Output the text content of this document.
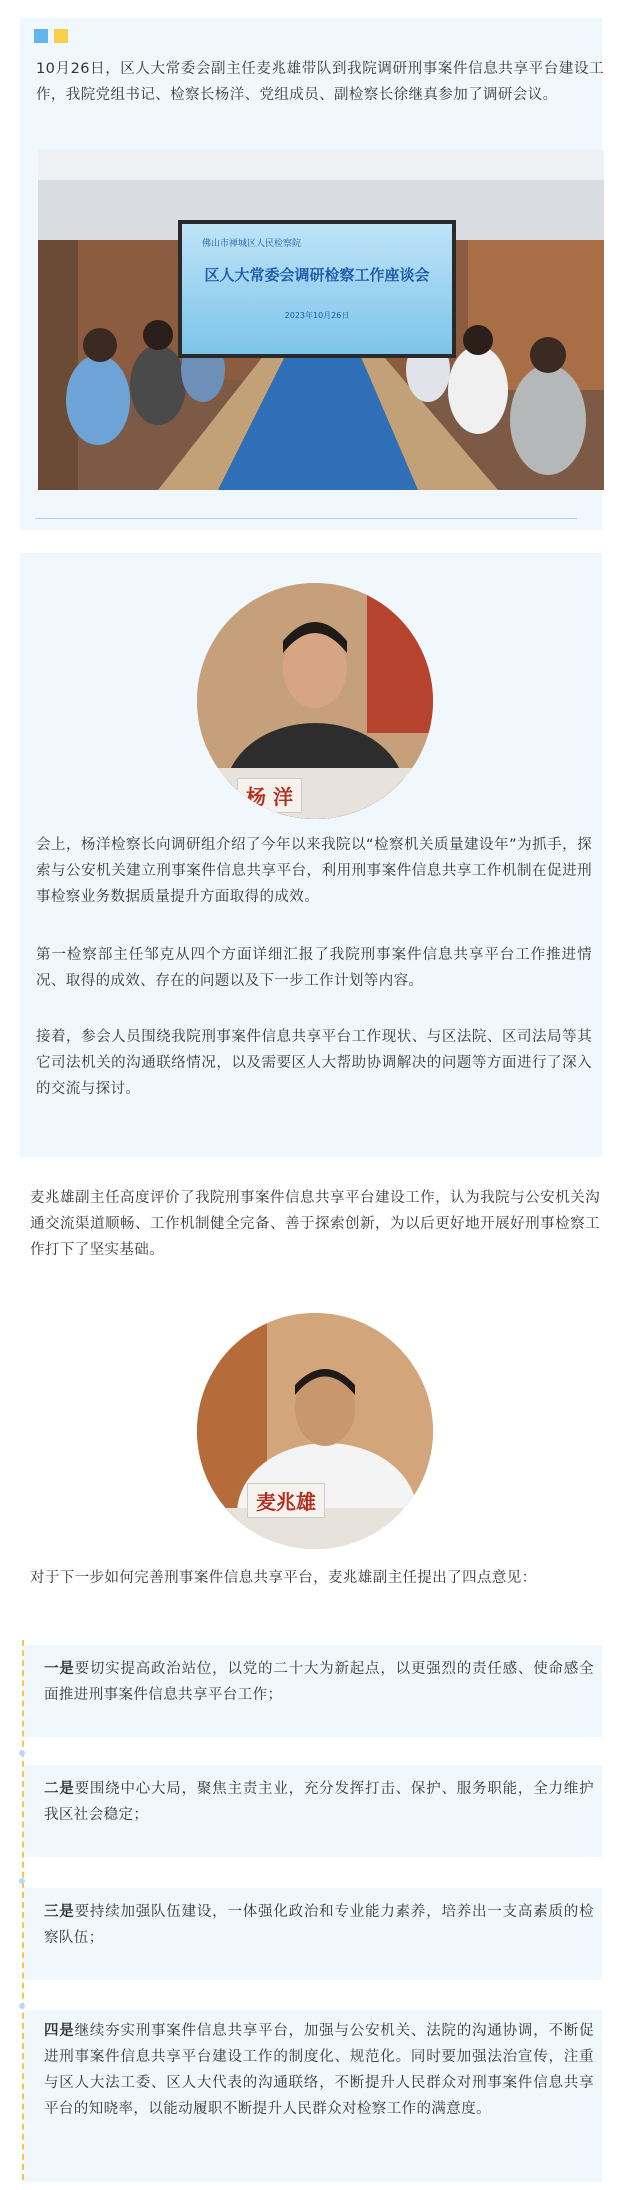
10月26日，区人大常委会副主任麦兆雄带队到我院调研刑事案件信息共享平台建设工作，我院党组书记、检察长杨洋、党组成员、副检察长徐继真参加了调研会议。

佛山市禅城区人民检察院
区人大常委会调研检察工作座谈会
2023年10月26日
杨 洋

会上，杨洋检察长向调研组介绍了今年以来我院以“检察机关质量建设年”为抓手，探索与公安机关建立刑事案件信息共享平台，利用刑事案件信息共享工作机制在促进刑事检察业务数据质量提升方面取得的成效。

第一检察部主任邹克从四个方面详细汇报了我院刑事案件信息共享平台工作推进情况、取得的成效、存在的问题以及下一步工作计划等内容。

接着，参会人员围绕我院刑事案件信息共享平台工作现状、与区法院、区司法局等其它司法机关的沟通联络情况，以及需要区人大帮助协调解决的问题等方面进行了深入的交流与探讨。

麦兆雄副主任高度评价了我院刑事案件信息共享平台建设工作，认为我院与公安机关沟通交流渠道顺畅、工作机制健全完备、善于探索创新，为以后更好地开展好刑事检察工作打下了坚实基础。

麦兆雄

对于下一步如何完善刑事案件信息共享平台，麦兆雄副主任提出了四点意见：

一是要切实提高政治站位，以党的二十大为新起点，以更强烈的责任感、使命感全面推进刑事案件信息共享平台工作；

二是要围绕中心大局，聚焦主责主业，充分发挥打击、保护、服务职能，全力维护我区社会稳定；

三是要持续加强队伍建设，一体强化政治和专业能力素养，培养出一支高素质的检察队伍；

四是继续夯实刑事案件信息共享平台，加强与公安机关、法院的沟通协调，不断促进刑事案件信息共享平台建设工作的制度化、规范化。同时要加强法治宣传，注重与区人大法工委、区人大代表的沟通联络，不断提升人民群众对刑事案件信息共享平台的知晓率，以能动履职不断提升人民群众对检察工作的满意度。
